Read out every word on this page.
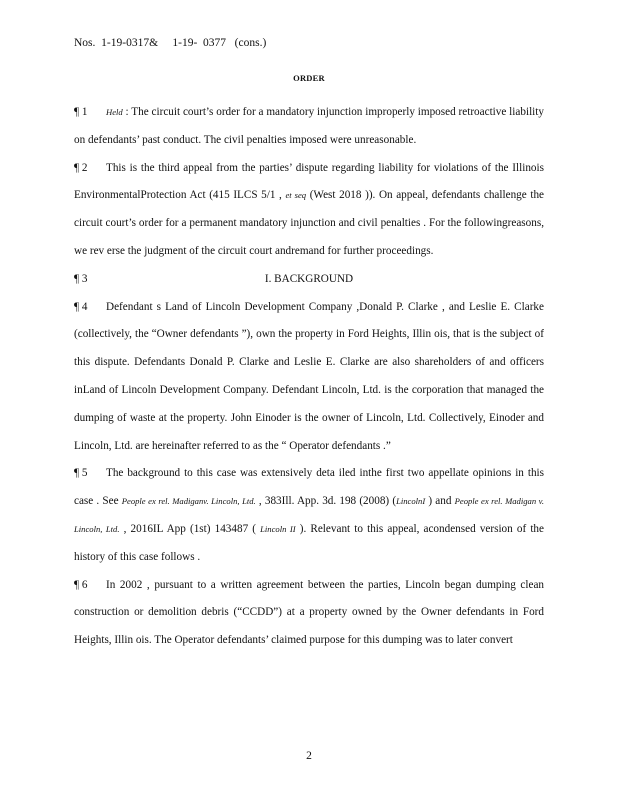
Nos.  1-19-0317&     1-19-  0377   (cons.)
ORDER

¶ 1 Held : The circuit court’s order for a mandatory injunction improperly imposed retroactive liability on defendants’ past conduct. The civil penalties imposed were unreasonable.

¶ 2 This is the third appeal from the parties’ dispute regarding liability for violations of the Illinois EnvironmentalProtection Act (415 ILCS 5/1 , et seq (West 2018 )). On appeal, defendants challenge the circuit court’s order for a permanent mandatory injunction and civil penalties . For the followingreasons, we rev erse the judgment of the circuit court andremand for further proceedings.

¶ 3	I. BACKGROUND

¶ 4 Defendant s Land of Lincoln Development Company ,Donald P. Clarke , and Leslie E. Clarke (collectively, the “Owner defendants ”), own the property in Ford Heights, Illin ois, that is the subject of this dispute. Defendants Donald P. Clarke and Leslie E. Clarke are also shareholders of and officers inLand of Lincoln Development Company. Defendant Lincoln, Ltd. is the corporation that managed the dumping of waste at the property. John Einoder is the owner of Lincoln, Ltd. Collectively, Einoder and Lincoln, Ltd. are hereinafter referred to as the “ Operator defendants .”

¶ 5 The background to this case was extensively deta iled inthe first two appellate opinions in this case . See People ex rel. Madiganv. Lincoln, Ltd. , 383Ill. App. 3d. 198 (2008) (LincolnI ) and People ex rel. Madigan v. Lincoln, Ltd. , 2016IL App (1st) 143487 ( Lincoln II ). Relevant to this appeal, acondensed version of the history of this case follows .

¶ 6 In 2002 , pursuant to a written agreement between the parties, Lincoln began dumping clean construction or demolition debris (“CCDD”) at a property owned by the Owner defendants in Ford Heights, Illin ois. The Operator defendants’ claimed purpose for this dumping was to later convert

2
